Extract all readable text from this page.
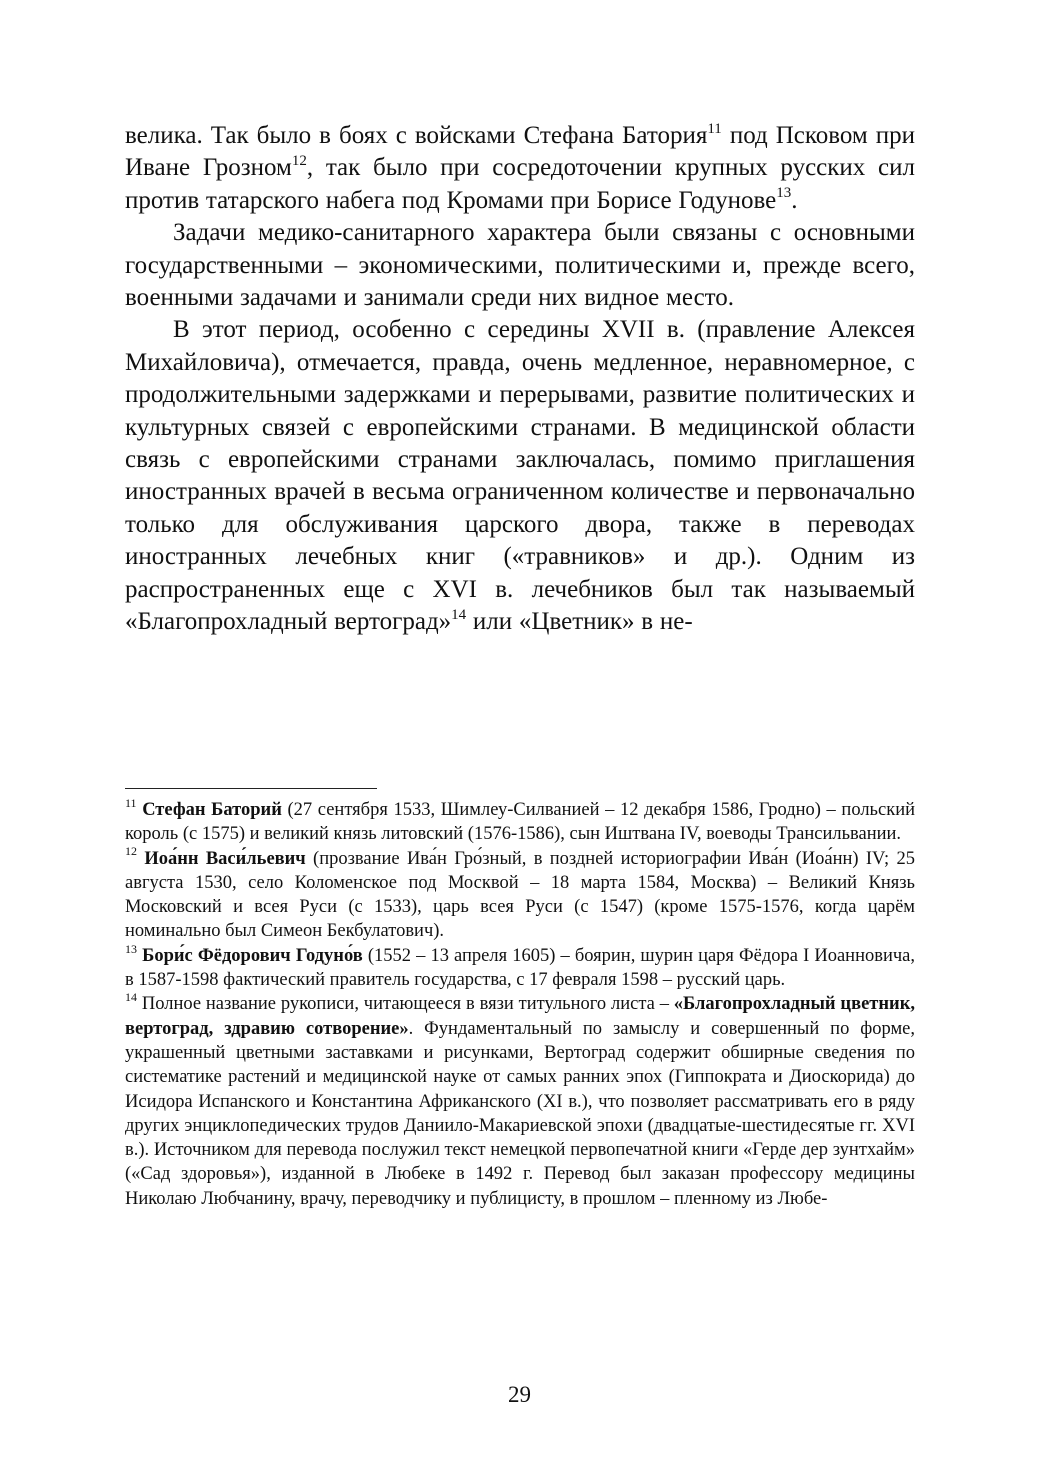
велика. Так было в боях с войсками Стефана Батория$^{11}$ под Псковом при Иване Грозном$^{12}$, так было при сосредоточении крупных русских сил против татарского набега под Кромами при Борисе Годунове$^{13}$.

Задачи медико-санитарного характера были связаны с основными государственными – экономическими, политическими и, прежде всего, военными задачами и занимали среди них видное место.

В этот период, особенно с середины XVII в. (правление Алексея Михайловича), отмечается, правда, очень медленное, неравномерное, с продолжительными задержками и перерывами, развитие политических и культурных связей с европейскими странами. В медицинской области связь с европейскими странами заключалась, помимо приглашения иностранных врачей в весьма ограниченном количестве и первоначально только для обслуживания царского двора, также в переводах иностранных лечебных книг («травников» и др.). Одним из распространенных еще с XVI в. лечебников был так называемый «Благопрохладный вертоград»$^{14}$ или «Цветник» в не-

$^{11}$ Стефан Баторий (27 сентября 1533, Шимлеу-Силванией – 12 декабря 1586, Гродно) – польский король (с 1575) и великий князь литовский (1576-1586), сын Иштвана IV, воеводы Трансильвании.

$^{12}$ Иоа́нн Васи́льевич (прозвание Ива́н Гро́зный, в поздней историографии Ива́н (Иоа́нн) IV; 25 августа 1530, село Коломенское под Москвой – 18 марта 1584, Москва) – Великий Князь Московский и всея Руси (с 1533), царь всея Руси (с 1547) (кроме 1575-1576, когда царём номинально был Симеон Бекбулатович).

$^{13}$ Бори́с Фёдорович Годуно́в (1552 – 13 апреля 1605) – боярин, шурин царя Фёдора I Иоанновича, в 1587-1598 фактический правитель государства, с 17 февраля 1598 – русский царь.

$^{14}$ Полное название рукописи, читающееся в вязи титульного листа – «Благопрохладный цветник, вертоград, здравию сотворение». Фундаментальный по замыслу и совершенный по форме, украшенный цветными заставками и рисунками, Вертоград содержит обширные сведения по систематике растений и медицинской науке от самых ранних эпох (Гиппократа и Диоскорида) до Исидора Испанского и Константина Африканского (XI в.), что позволяет рассматривать его в ряду других энциклопедических трудов Даниило-Макариевской эпохи (двадцатые-шестидесятые гг. XVI в.). Источником для перевода послужил текст немецкой первопечатной книги «Герде дер зунтхайм» («Сад здоровья»), изданной в Любеке в 1492 г. Перевод был заказан профессору медицины Николаю Любчанину, врачу, переводчику и публицисту, в прошлом – пленному из Любе-

29
